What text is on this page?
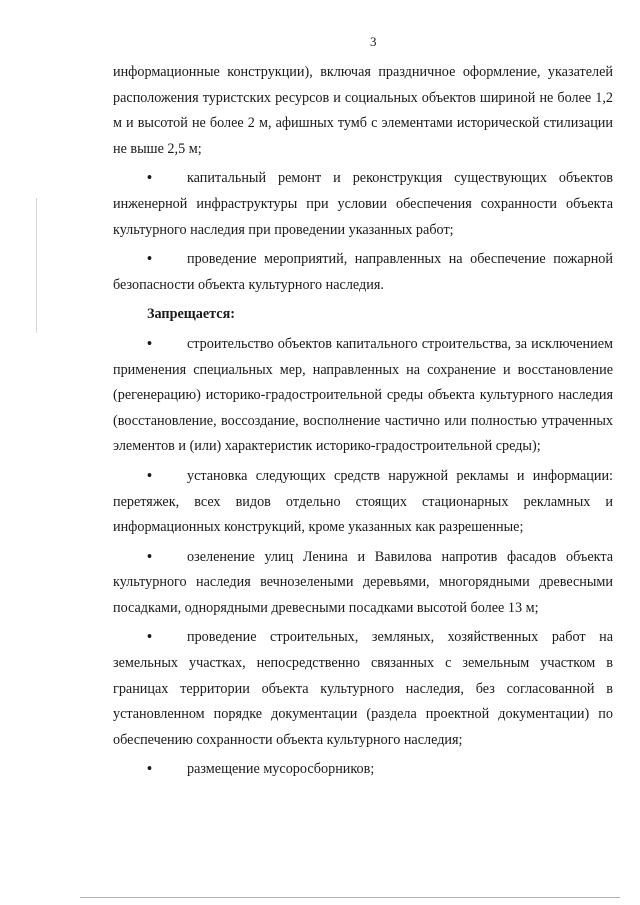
3

информационные конструкции), включая праздничное оформление, указателей расположения туристских ресурсов и социальных объектов шириной не более 1,2 м и высотой не более 2 м, афишных тумб с элементами исторической стилизации не выше 2,5 м;

• капитальный ремонт и реконструкция существующих объектов инженерной инфраструктуры при условии обеспечения сохранности объекта культурного наследия при проведении указанных работ;

• проведение мероприятий, направленных на обеспечение пожарной безопасности объекта культурного наследия.

Запрещается:

• строительство объектов капитального строительства, за исключением применения специальных мер, направленных на сохранение и восстановление (регенерацию) историко-градостроительной среды объекта культурного наследия (восстановление, воссоздание, восполнение частично или полностью утраченных элементов и (или) характеристик историко-градостроительной среды);

• установка следующих средств наружной рекламы и информации: перетяжек, всех видов отдельно стоящих стационарных рекламных и информационных конструкций, кроме указанных как разрешенные;

• озеленение улиц Ленина и Вавилова напротив фасадов объекта культурного наследия вечнозелеными деревьями, многорядными древесными посадками, однорядными древесными посадками высотой более 13 м;

• проведение строительных, земляных, хозяйственных работ на земельных участках, непосредственно связанных с земельным участком в границах территории объекта культурного наследия, без согласованной в установленном порядке документации (раздела проектной документации) по обеспечению сохранности объекта культурного наследия;

• размещение мусоросборников;
